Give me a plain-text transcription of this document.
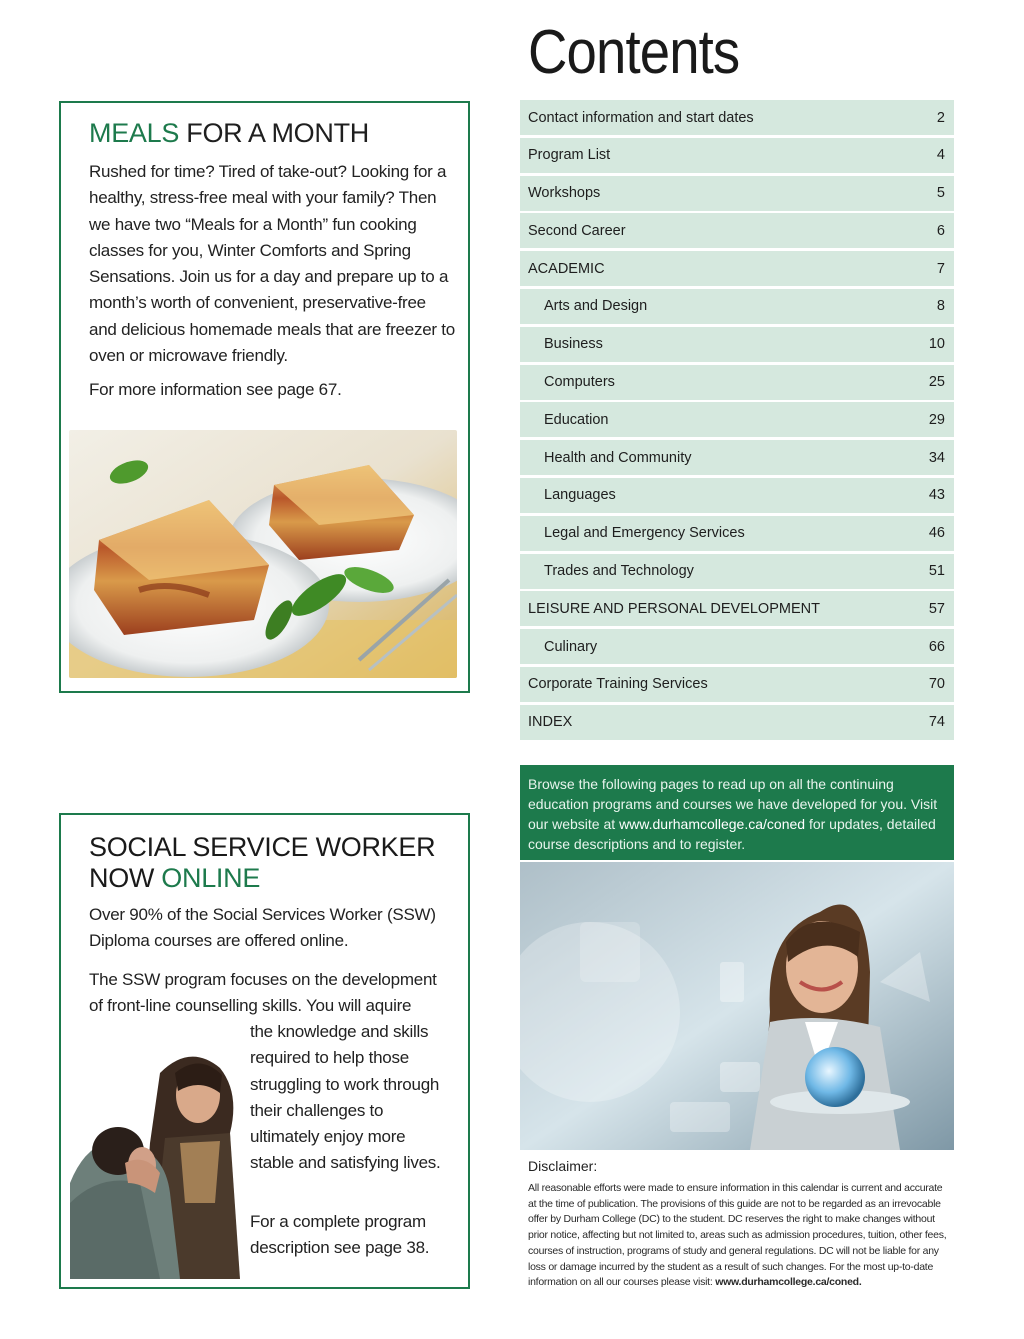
MEALS FOR A MONTH

Rushed for time? Tired of take-out? Looking for a healthy, stress-free meal with your family? Then we have two “Meals for a Month” fun cooking classes for you, Winter Comforts and Spring Sensations. Join us for a day and prepare up to a month’s worth of convenient, preservative-free and delicious homemade meals that are freezer to oven or microwave friendly.

For more information see page 67.

SOCIAL SERVICE WORKER
NOW ONLINE

Over 90% of the Social Services Worker (SSW) Diploma courses are offered online.

The SSW program focuses on the development of front-line counselling skills. You will aquire

the knowledge and skills required to help those struggling to work through their challenges to ultimately enjoy more stable and satisfying lives.

For a complete program description see page 38.

Contents
Contact information and start dates	2
Program List	4
Workshops	5
Second Career	6
ACADEMIC	7
Arts and Design	8
Business	10
Computers	25
Education	29
Health and Community	34
Languages	43
Legal and Emergency Services	46
Trades and Technology	51
LEISURE AND PERSONAL DEVELOPMENT	57
Culinary	66
Corporate Training Services	70
INDEX	74
Browse the following pages to read up on all the continuing education programs and courses we have developed for you. Visit our website at www.durhamcollege.ca/coned for updates, detailed course descriptions and to register.
Disclaimer:
All reasonable efforts were made to ensure information in this calendar is current and accurate at the time of publication. The provisions of this guide are not to be regarded as an irrevocable offer by Durham College (DC) to the student. DC reserves the right to make changes without prior notice, affecting but not limited to, areas such as admission procedures, tuition, other fees, courses of instruction, programs of study and general regulations. DC will not be liable for any loss or damage incurred by the student as a result of such changes. For the most up-to-date information on all our courses please visit: www.durhamcollege.ca/coned.
